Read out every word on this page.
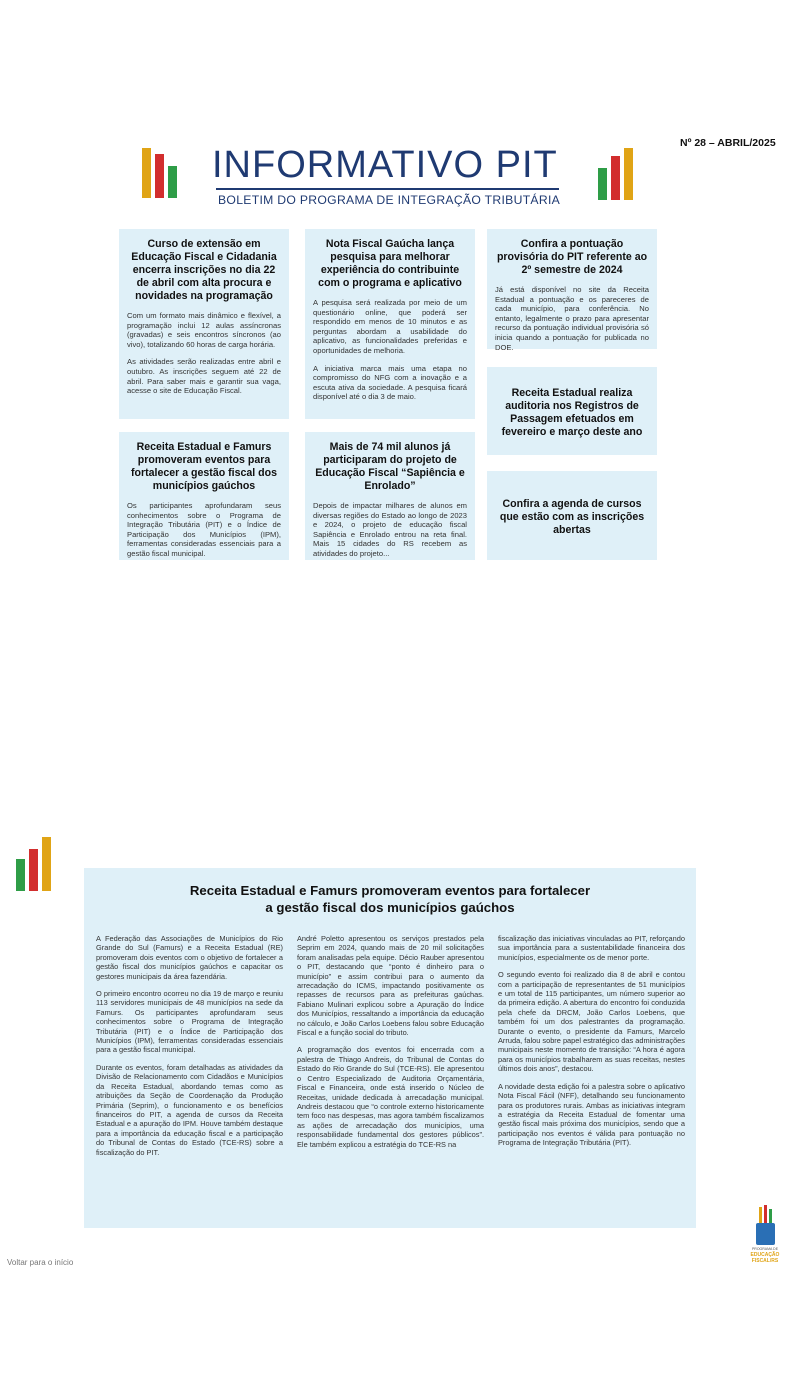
Nº 28 – ABRIL/2025
INFORMATIVO PIT
BOLETIM DO PROGRAMA DE INTEGRAÇÃO TRIBUTÁRIA
Curso de extensão em Educação Fiscal e Cidadania encerra inscrições no dia 22 de abril com alta procura e novidades na programação

Com um formato mais dinâmico e flexível, a programação inclui 12 aulas assíncronas (gravadas) e seis encontros síncronos (ao vivo), totalizando 60 horas de carga horária.

As atividades serão realizadas entre abril e outubro. As inscrições seguem até 22 de abril. Para saber mais e garantir sua vaga, acesse o site de Educação Fiscal.

Nota Fiscal Gaúcha lança pesquisa para melhorar experiência do contribuinte com o programa e aplicativo

A pesquisa será realizada por meio de um questionário online, que poderá ser respondido em menos de 10 minutos e as perguntas abordam a usabilidade do aplicativo, as funcionalidades preferidas e oportunidades de melhoria.

A iniciativa marca mais uma etapa no compromisso do NFG com a inovação e a escuta ativa da sociedade. A pesquisa ficará disponível até o dia 3 de maio.

Confira a pontuação provisória do PIT referente ao 2º semestre de 2024

Já está disponível no site da Receita Estadual a pontuação e os pareceres de cada município, para conferência. No entanto, legalmente o prazo para apresentar recurso da pontuação individual provisória só inicia quando a pontuação for publicada no DOE.

Receita Estadual realiza auditoria nos Registros de Passagem efetuados em fevereiro e março deste ano
Receita Estadual e Famurs promoveram eventos para fortalecer a gestão fiscal dos municípios gaúchos

Os participantes aprofundaram seus conhecimentos sobre o Programa de Integração Tributária (PIT) e o Índice de Participação dos Municípios (IPM), ferramentas consideradas essenciais para a gestão fiscal municipal.

Mais de 74 mil alunos já participaram do projeto de Educação Fiscal “Sapiência e Enrolado”

Depois de impactar milhares de alunos em diversas regiões do Estado ao longo de 2023 e 2024, o projeto de educação fiscal Sapiência e Enrolado entrou na reta final. Mais 15 cidades do RS recebem as atividades do projeto...

Confira a agenda de cursos que estão com as inscrições abertas
Receita Estadual e Famurs promoveram eventos para fortalecer
a gestão fiscal dos municípios gaúchos

A Federação das Associações de Municípios do Rio Grande do Sul (Famurs) e a Receita Estadual (RE) promoveram dois eventos com o objetivo de fortalecer a gestão fiscal dos municípios gaúchos e capacitar os gestores municipais da área fazendária.

O primeiro encontro ocorreu no dia 19 de março e reuniu 113 servidores municipais de 48 municípios na sede da Famurs. Os participantes aprofundaram seus conhecimentos sobre o Programa de Integração Tributária (PIT) e o Índice de Participação dos Municípios (IPM), ferramentas consideradas essenciais para a gestão fiscal municipal.

Durante os eventos, foram detalhadas as atividades da Divisão de Relacionamento com Cidadãos e Municípios da Receita Estadual, abordando temas como as atribuições da Seção de Coordenação da Produção Primária (Seprim), o funcionamento e os benefícios financeiros do PIT, a agenda de cursos da Receita Estadual e a apuração do IPM. Houve também destaque para a importância da educação fiscal e a participação do Tribunal de Contas do Estado (TCE-RS) sobre a fiscalização do PIT.

André Poletto apresentou os serviços prestados pela Seprim em 2024, quando mais de 20 mil solicitações foram analisadas pela equipe. Décio Rauber apresentou o PIT, destacando que “ponto é dinheiro para o município” e assim contribui para o aumento da arrecadação do ICMS, impactando positivamente os repasses de recursos para as prefeituras gaúchas. Fabiano Mulinari explicou sobre a Apuração do Índice dos Municípios, ressaltando a importância da educação no cálculo, e João Carlos Loebens falou sobre Educação Fiscal e a função social do tributo.

A programação dos eventos foi encerrada com a palestra de Thiago Andreis, do Tribunal de Contas do Estado do Rio Grande do Sul (TCE-RS). Ele apresentou o Centro Especializado de Auditoria Orçamentária, Fiscal e Financeira, onde está inserido o Núcleo de Receitas, unidade dedicada à arrecadação municipal. Andreis destacou que “o controle externo historicamente tem foco nas despesas, mas agora também fiscalizamos as ações de arrecadação dos municípios, uma responsabilidade fundamental dos gestores públicos”. Ele também explicou a estratégia do TCE-RS na

fiscalização das iniciativas vinculadas ao PIT, reforçando sua importância para a sustentabilidade financeira dos municípios, especialmente os de menor porte.

O segundo evento foi realizado dia 8 de abril e contou com a participação de representantes de 51 municípios e um total de 115 participantes, um número superior ao da primeira edição. A abertura do encontro foi conduzida pela chefe da DRCM, João Carlos Loebens, que também foi um dos palestrantes da programação. Durante o evento, o presidente da Famurs, Marcelo Arruda, falou sobre papel estratégico das administrações municipais neste momento de transição: “A hora é agora para os municípios trabalharem as suas receitas, nestes últimos dois anos”, destacou.

A novidade desta edição foi a palestra sobre o aplicativo Nota Fiscal Fácil (NFF), detalhando seu funcionamento para os produtores rurais. Ambas as iniciativas integram a estratégia da Receita Estadual de fomentar uma gestão fiscal mais próxima dos municípios, sendo que a participação nos eventos é válida para pontuação no Programa de Integração Tributária (PIT).

Voltar para o início
PROGRAMA DE
EDUCAÇÃO
FISCAL/RS
